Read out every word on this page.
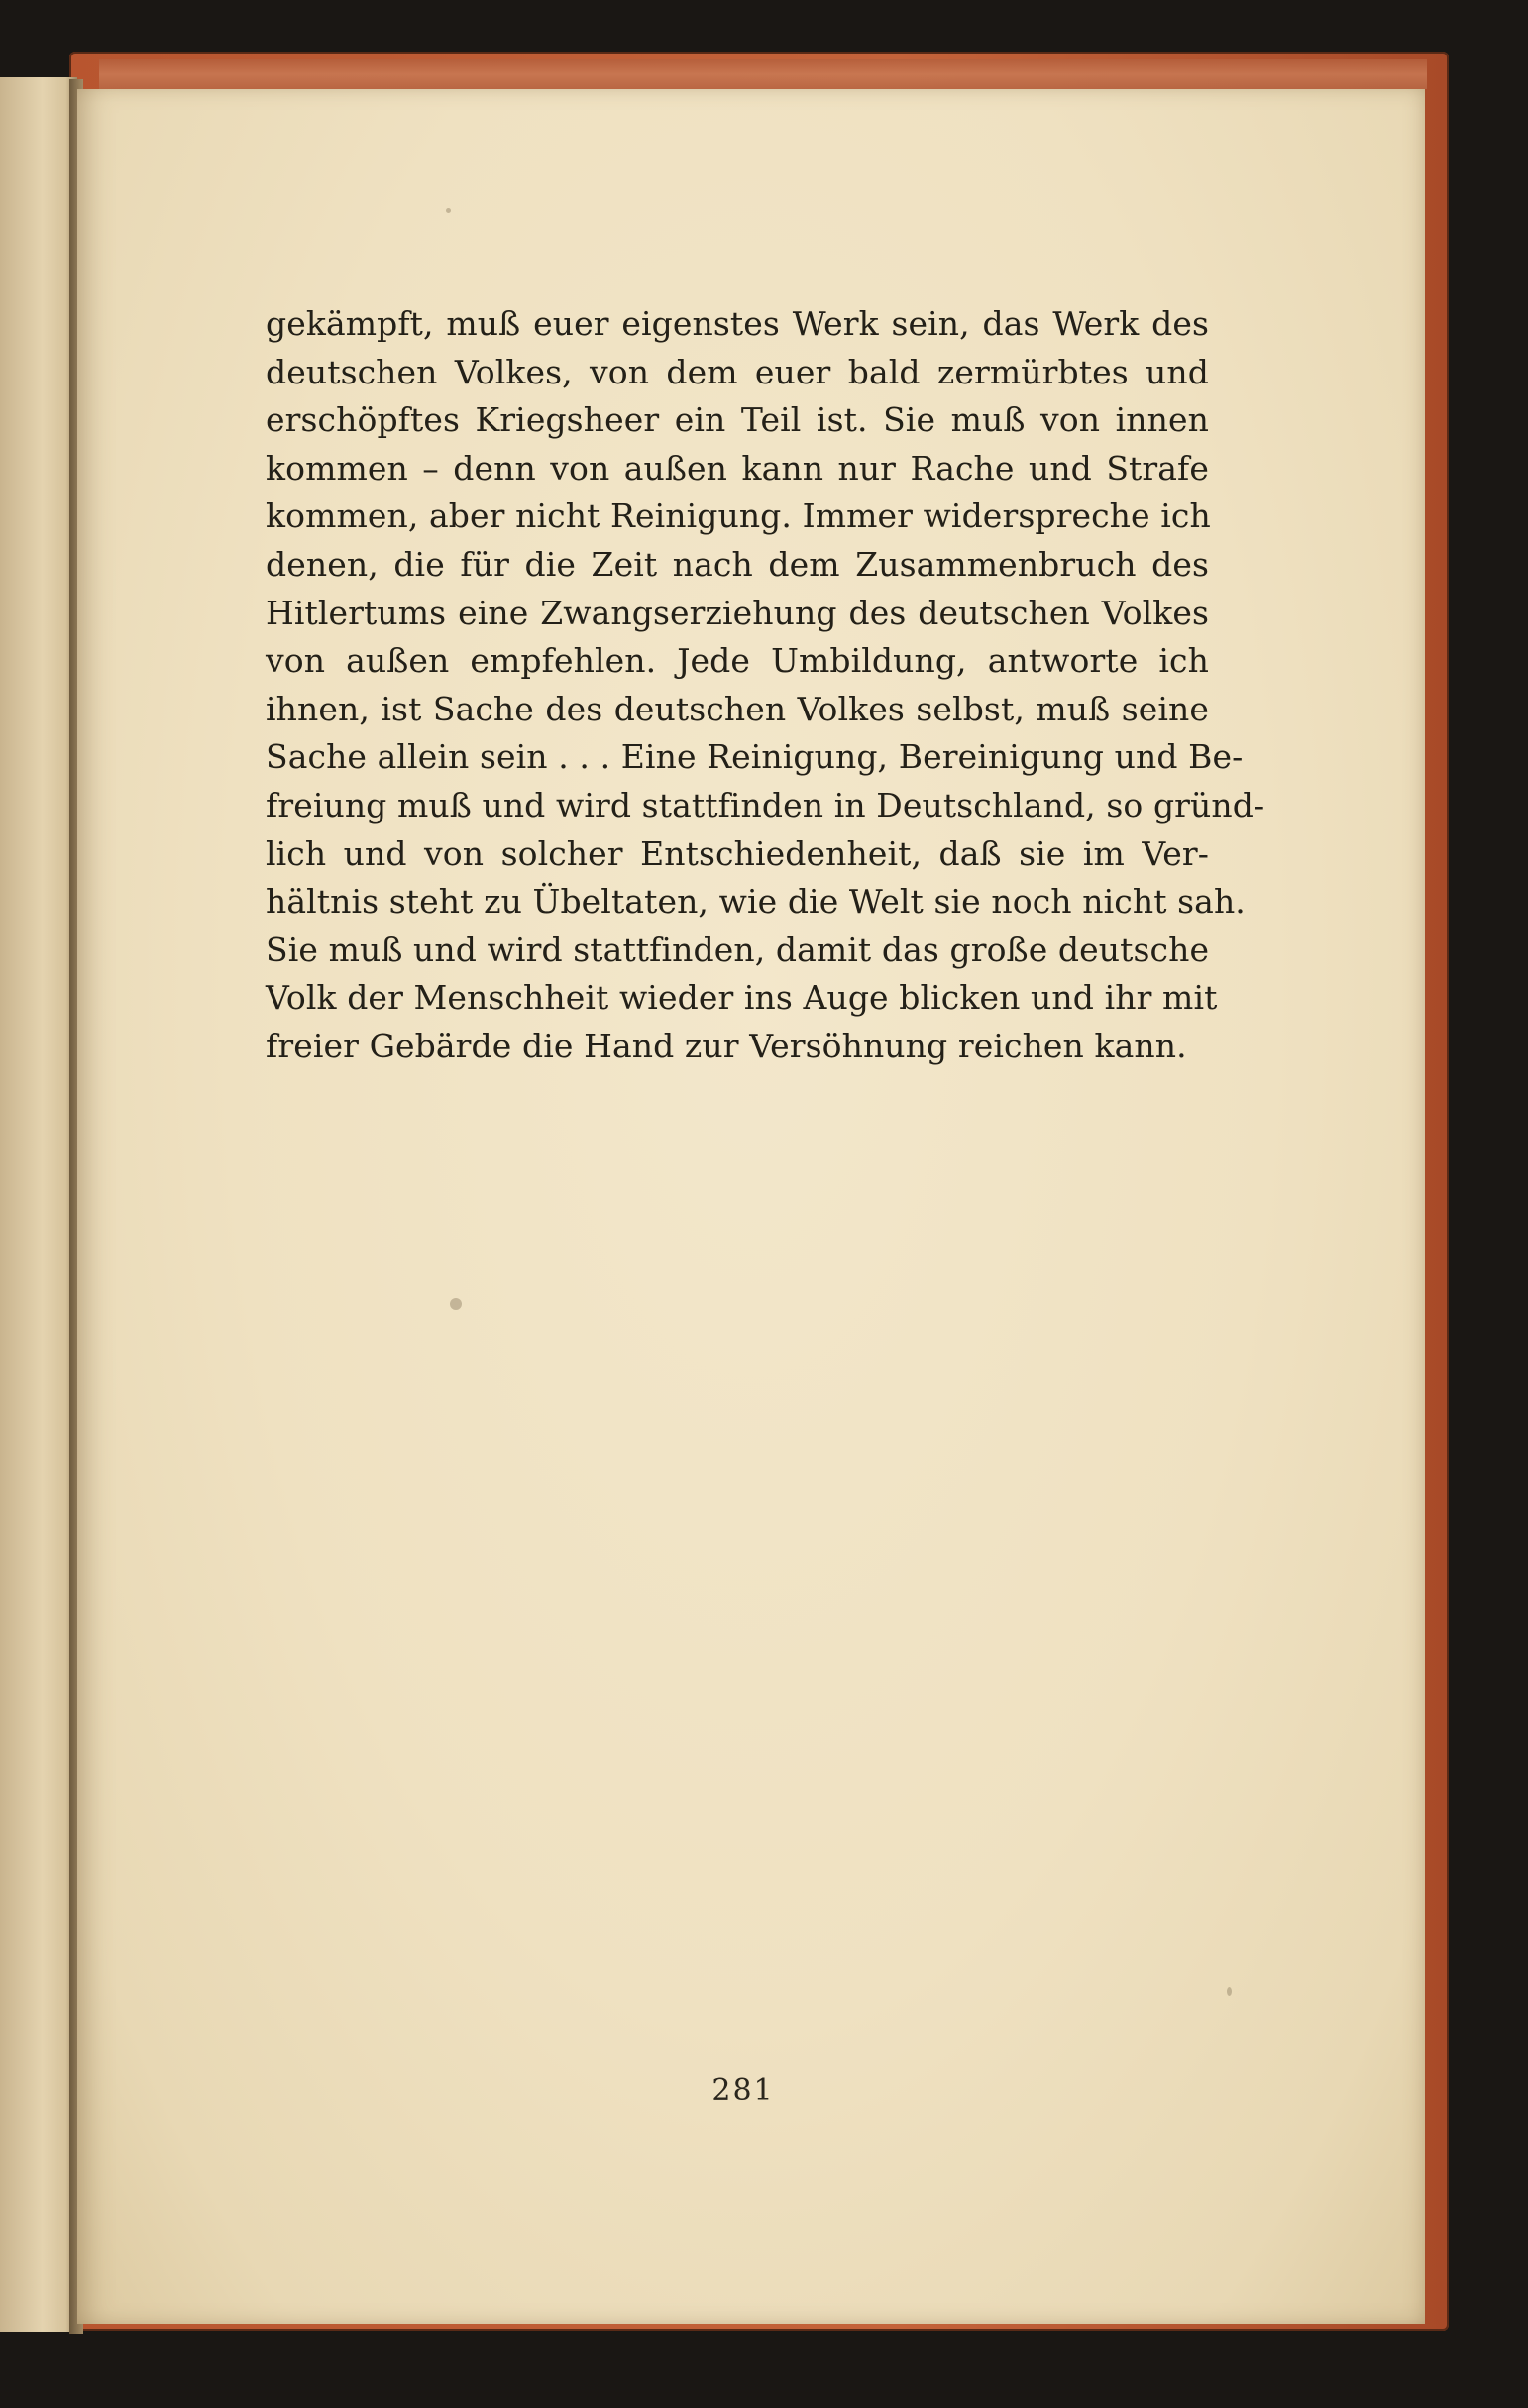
gekämpft, muß euer eigenstes Werk sein, das Werk des
deutschen Volkes, von dem euer bald zermürbtes und
erschöpftes Kriegsheer ein Teil ist. Sie muß von innen
kommen – denn von außen kann nur Rache und Strafe
kommen, aber nicht Reinigung. Immer widerspreche ich
denen, die für die Zeit nach dem Zusammenbruch des
Hitlertums eine Zwangserziehung des deutschen Volkes
von außen empfehlen. Jede Umbildung, antworte ich
ihnen, ist Sache des deutschen Volkes selbst, muß seine
Sache allein sein . . . Eine Reinigung, Bereinigung und Be-
freiung muß und wird stattfinden in Deutschland, so gründ-
lich und von solcher Entschiedenheit, daß sie im Ver-
hältnis steht zu Übeltaten, wie die Welt sie noch nicht sah.
Sie muß und wird stattfinden, damit das große deutsche
Volk der Menschheit wieder ins Auge blicken und ihr mit
freier Gebärde die Hand zur Versöhnung reichen kann.
281
